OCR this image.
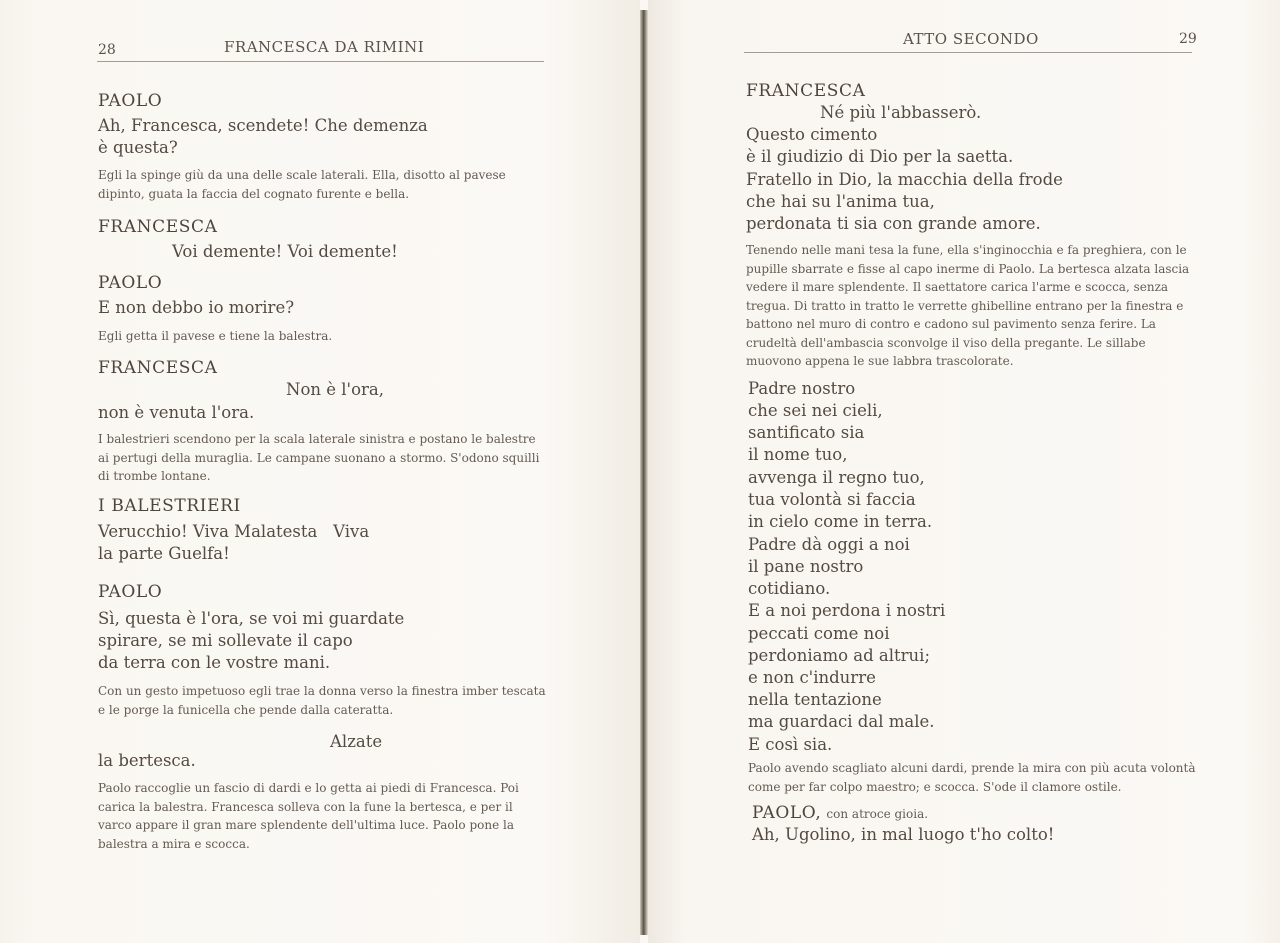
28	FRANCESCA DA RIMINI
PAOLO
Ah, Francesca, scendete! Che demenza
è questa?
Egli la spinge giù da una delle scale laterali. Ella, disotto al pavese dipinto, guata la faccia del cognato furente e bella.
FRANCESCA
Voi demente! Voi demente!
PAOLO
E non debbo io morire?
Egli getta il pavese e tiene la balestra.
FRANCESCA
Non è l'ora,
non è venuta l'ora.
I balestrieri scendono per la scala laterale sinistra e postano le balestre ai pertugi della muraglia. Le campane suonano a stormo. S'odono squilli di trombe lontane.
I BALESTRIERI
Verucchio! Viva Malatesta   Viva
la parte Guelfa!
PAOLO
Sì, questa è l'ora, se voi mi guardate
spirare, se mi sollevate il capo
da terra con le vostre mani.
Con un gesto impetuoso egli trae la donna verso la finestra imber tescata e le porge la funicella che pende dalla cateratta.
Alzate
la bertesca.
Paolo raccoglie un fascio di dardi e lo getta ai piedi di Francesca. Poi carica la balestra. Francesca solleva con la fune la bertesca, e per il varco appare il gran mare splendente dell'ultima luce. Paolo pone la balestra a mira e scocca.
ATTO SECONDO	29
FRANCESCA
Né più l'abbasserò.
Questo cimento
è il giudizio di Dio per la saetta.
Fratello in Dio, la macchia della frode
che hai su l'anima tua,
perdonata ti sia con grande amore.
Tenendo nelle mani tesa la fune, ella s'inginocchia e fa preghiera, con le pupille sbarrate e fisse al capo inerme di Paolo. La bertesca alzata lascia vedere il mare splendente. Il saettatore carica l'arme e scocca, senza tregua. Di tratto in tratto le verrette ghibelline entrano per la finestra e battono nel muro di contro e cadono sul pavimento senza ferire. La crudeltà dell'ambascia sconvolge il viso della pregante. Le sillabe muovono appena le sue labbra trascolorate.
Padre nostro
che sei nei cieli,
santificato sia
il nome tuo,
avvenga il regno tuo,
tua volontà si faccia
in cielo come in terra.
Padre dà oggi a noi
il pane nostro
cotidiano.
E a noi perdona i nostri
peccati come noi
perdoniamo ad altrui;
e non c'indurre
nella tentazione
ma guardaci dal male.
E così sia.
Paolo avendo scagliato alcuni dardi, prende la mira con più acuta volontà come per far colpo maestro; e scocca. S'ode il clamore ostile.
PAOLO, con atroce gioia.
Ah, Ugolino, in mal luogo t'ho colto!
